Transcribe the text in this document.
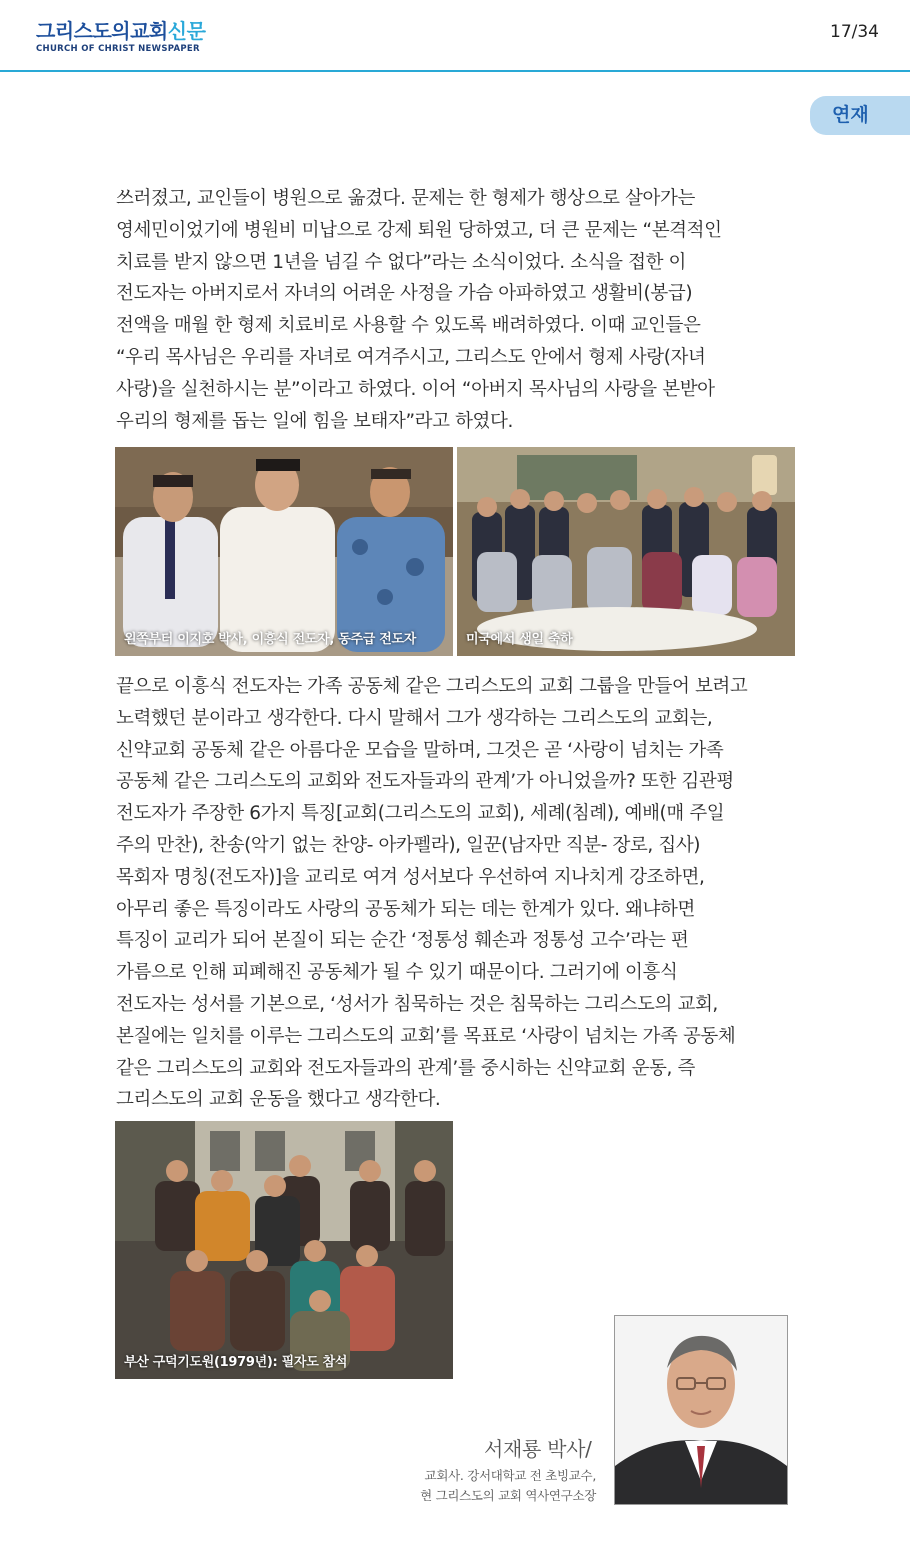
그리스도의교회신문
CHURCH OF CHRIST NEWSPAPER
17/34
연재
쓰러졌고, 교인들이 병원으로 옮겼다. 문제는 한 형제가 행상으로 살아가는
영세민이었기에 병원비 미납으로 강제 퇴원 당하였고, 더 큰 문제는 “본격적인
치료를 받지 않으면 1년을 넘길 수 없다”라는 소식이었다. 소식을 접한 이
전도자는 아버지로서 자녀의 어려운 사정을 가슴 아파하였고 생활비(봉급)
전액을 매월 한 형제 치료비로 사용할 수 있도록 배려하였다. 이때 교인들은
“우리 목사님은 우리를 자녀로 여겨주시고, 그리스도 안에서 형제 사랑(자녀
사랑)을 실천하시는 분”이라고 하였다. 이어 “아버지 목사님의 사랑을 본받아
우리의 형제를 돕는 일에 힘을 보태자”라고 하였다.
왼쪽부터 이지호 박사, 이흥식 전도자, 동주급 전도자	미국에서 생일 축하
끝으로 이흥식 전도자는 가족 공동체 같은 그리스도의 교회 그룹을 만들어 보려고
노력했던 분이라고 생각한다. 다시 말해서 그가 생각하는 그리스도의 교회는,
신약교회 공동체 같은 아름다운 모습을 말하며, 그것은 곧 ‘사랑이 넘치는 가족
공동체 같은 그리스도의 교회와 전도자들과의 관계’가 아니었을까? 또한 김관평
전도자가 주장한 6가지 특징[교회(그리스도의 교회), 세례(침례), 예배(매 주일
주의 만찬), 찬송(악기 없는 찬양- 아카펠라), 일꾼(남자만 직분- 장로, 집사)
목회자 명칭(전도자)]을 교리로 여겨 성서보다 우선하여 지나치게 강조하면,
아무리 좋은 특징이라도 사랑의 공동체가 되는 데는 한계가 있다. 왜냐하면
특징이 교리가 되어 본질이 되는 순간 ‘정통성 훼손과 정통성 고수’라는 편
가름으로 인해 피폐해진 공동체가 될 수 있기 때문이다. 그러기에 이흥식
전도자는 성서를 기본으로, ‘성서가 침묵하는 것은 침묵하는 그리스도의 교회,
본질에는 일치를 이루는 그리스도의 교회’를 목표로 ‘사랑이 넘치는 가족 공동체
같은 그리스도의 교회와 전도자들과의 관계’를 중시하는 신약교회 운동, 즉
그리스도의 교회 운동을 했다고 생각한다.
부산 구덕기도원(1979년): 필자도 참석
서재룡 박사/
교회사. 강서대학교 전 초빙교수,
현 그리스도의 교회 역사연구소장
